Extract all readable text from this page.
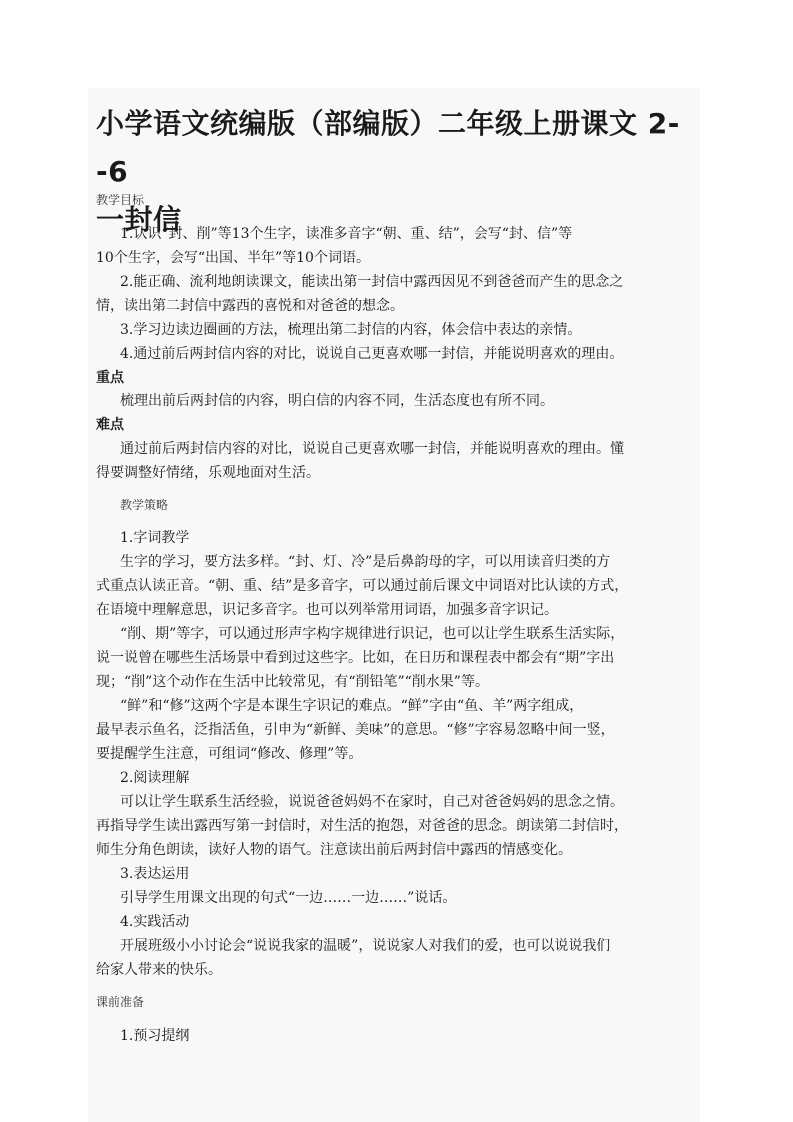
小学语文统编版（部编版）二年级上册课文 2--6
一封信

教学目标

1.认识“封、削”等13个生字，读准多音字“朝、重、结”，会写“封、信”等

10个生字，会写“出国、半年”等10个词语。

2.能正确、流利地朗读课文，能读出第一封信中露西因见不到爸爸而产生的思念之

情，读出第二封信中露西的喜悦和对爸爸的想念。

3.学习边读边圈画的方法，梳理出第二封信的内容，体会信中表达的亲情。

4.通过前后两封信内容的对比，说说自己更喜欢哪一封信，并能说明喜欢的理由。

重点

梳理出前后两封信的内容，明白信的内容不同，生活态度也有所不同。

难点

通过前后两封信内容的对比，说说自己更喜欢哪一封信，并能说明喜欢的理由。懂

得要调整好情绪，乐观地面对生活。

教学策略

1.字词教学

生字的学习，要方法多样。“封、灯、冷”是后鼻韵母的字，可以用读音归类的方

式重点认读正音。“朝、重、结”是多音字，可以通过前后课文中词语对比认读的方式，

在语境中理解意思，识记多音字。也可以列举常用词语，加强多音字识记。

“削、期”等字，可以通过形声字构字规律进行识记，也可以让学生联系生活实际，

说一说曾在哪些生活场景中看到过这些字。比如，在日历和课程表中都会有“期”字出

现；“削”这个动作在生活中比较常见，有“削铅笔”“削水果”等。

“鲜”和“修”这两个字是本课生字识记的难点。“鲜”字由“鱼、羊”两字组成，

最早表示鱼名，泛指活鱼，引申为“新鲜、美味”的意思。“修”字容易忽略中间一竖，

要提醒学生注意，可组词“修改、修理”等。

2.阅读理解

可以让学生联系生活经验，说说爸爸妈妈不在家时，自己对爸爸妈妈的思念之情。

再指导学生读出露西写第一封信时，对生活的抱怨，对爸爸的思念。朗读第二封信时，

师生分角色朗读，读好人物的语气。注意读出前后两封信中露西的情感变化。

3.表达运用

引导学生用课文出现的句式“一边……一边……”说话。

4.实践活动

开展班级小小讨论会“说说我家的温暖”，说说家人对我们的爱，也可以说说我们

给家人带来的快乐。

课前准备

1.预习提纲
